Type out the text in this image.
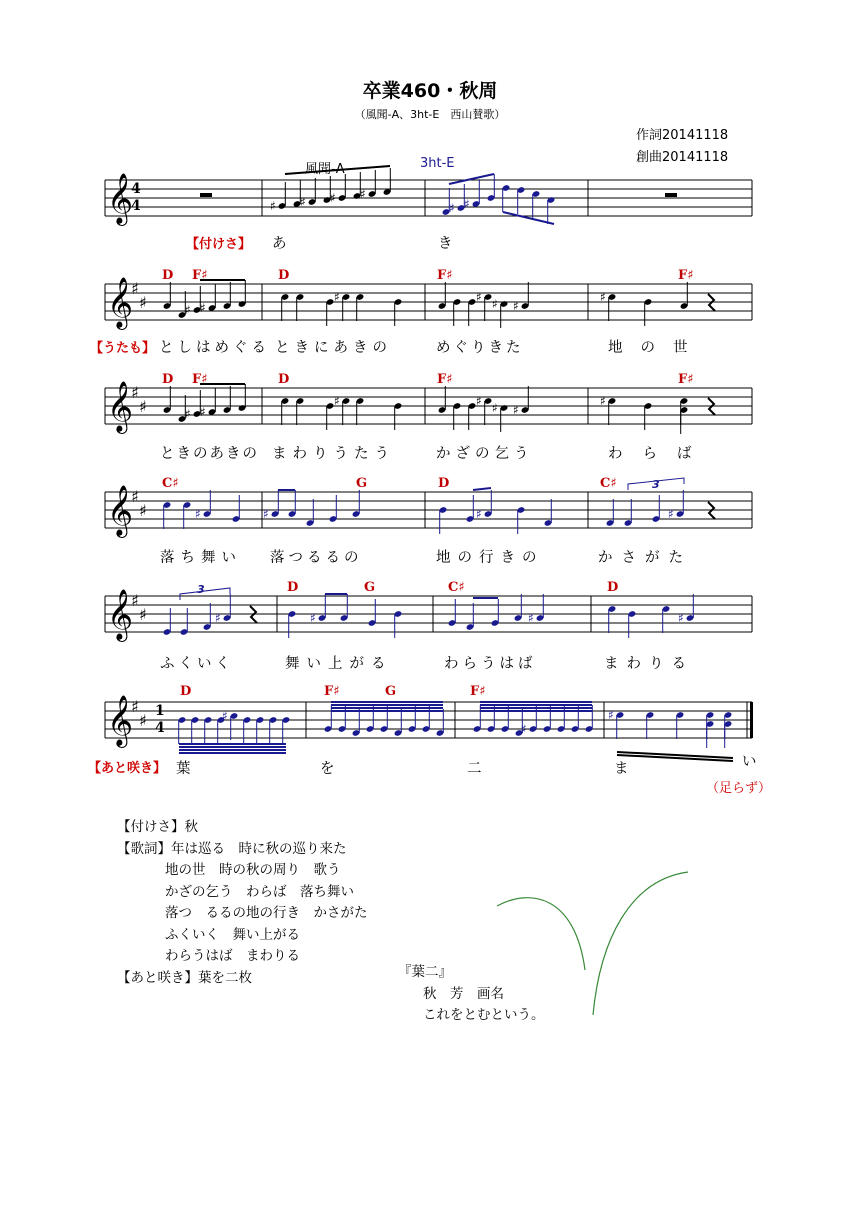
卒業460・秋周
（風聞-A、3ht-E　西山賛歌）
作詞20141118
創曲20141118
𝄞
𝄞
♯
♯
𝄞
♯
♯
𝄞
♯
♯
𝄞
♯
♯
𝄞
♯
♯
♯ ♯ ♯ ♯
♯ ♯
♯ ♯
♯	♯ ♯ ♯
♯
♯ ♯
♯	♯ ♯ ♯
♯
♯	♯	♯	♯
♯	♯	♯	♯
♯
♯
♯
風聞-A	3ht-E
【付けさ】
【うたも】
【あと咲き】
あ	き
としはめぐる ときにあきの	めぐりきた	地の世
ときのあきの まわりうたう	かざの乞う	わらば
落ち舞い 落つるるの	地の行きの	かさがた
ふくいく	舞い上がる	わらうはば	まわりる
葉	を	二	ま	い
（足らず）
D F♯	D	F♯	F♯
D F♯	D	F♯	F♯
C♯	G	D	C♯
D	G	C♯	D
D	F♯	G	F♯
3
3
4
4
1
4
【付けさ】秋
【歌詞】年は巡る　時に秋の巡り来た
地の世　時の秋の周り　歌う
かざの乞う　わらば　落ち舞い
落つ　るるの地の行き　かさがた
ふくいく　舞い上がる
わらうはば　まわりる
【あと咲き】葉を二枚	『葉二』
秋　芳　画名
これをとむという。
